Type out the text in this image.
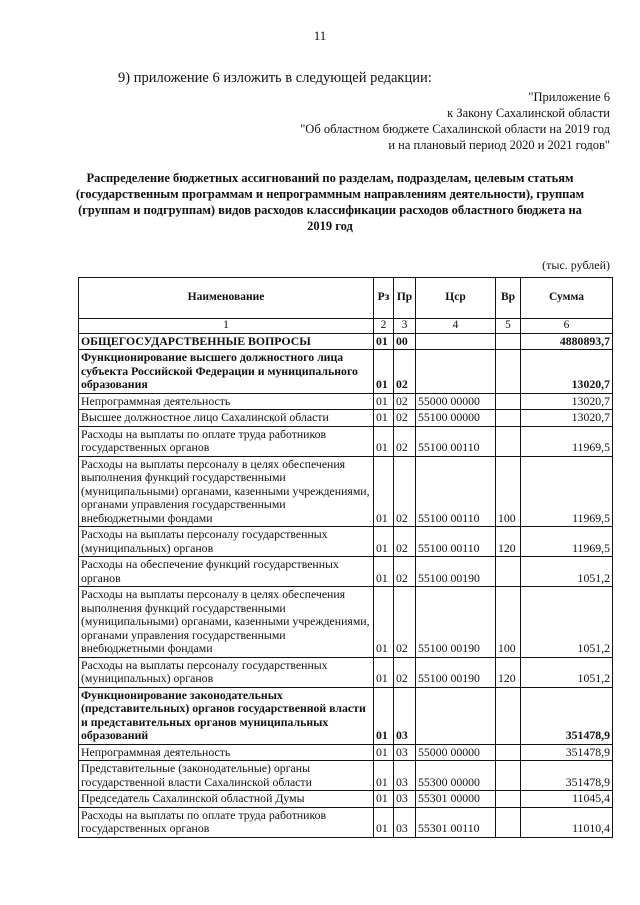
11
9) приложение 6 изложить в следующей редакции:
"Приложение 6
к Закону Сахалинской области
"Об областном бюджете Сахалинской области на 2019 год
и на плановый период 2020 и 2021 годов"
Распределение бюджетных ассигнований по разделам, подразделам, целевым статьям (государственным программам и непрограммным направлениям деятельности), группам (группам и подгруппам) видов расходов классификации расходов областного бюджета на 2019 год
(тыс. рублей)
Наименование	Рз	Пр	Цср	Вр	Сумма
1	2	3	4	5	6
ОБЩЕГОСУДАРСТВЕННЫЕ ВОПРОСЫ	01	00			4880893,7
Функционирование высшего должностного лица субъекта Российской Федерации и муниципального образования	01	02			13020,7
Непрограммная деятельность	01	02	55000 00000		13020,7
Высшее должностное лицо Сахалинской области	01	02	55100 00000		13020,7
Расходы на выплаты по оплате труда работников государственных органов	01	02	55100 00110		11969,5
Расходы на выплаты персоналу в целях обеспечения выполнения функций государственными (муниципальными) органами, казенными учреждениями, органами управления государственными внебюджетными фондами	01	02	55100 00110	100	11969,5
Расходы на выплаты персоналу государственных (муниципальных) органов	01	02	55100 00110	120	11969,5
Расходы на обеспечение функций государственных органов	01	02	55100 00190		1051,2
Расходы на выплаты персоналу в целях обеспечения выполнения функций государственными (муниципальными) органами, казенными учреждениями, органами управления государственными внебюджетными фондами	01	02	55100 00190	100	1051,2
Расходы на выплаты персоналу государственных (муниципальных) органов	01	02	55100 00190	120	1051,2
Функционирование законодательных (представительных) органов государственной власти и представительных органов муниципальных образований	01	03			351478,9
Непрограммная деятельность	01	03	55000 00000		351478,9
Представительные (законодательные) органы государственной власти Сахалинской области	01	03	55300 00000		351478,9
Председатель Сахалинской областной Думы	01	03	55301 00000		11045,4
Расходы на выплаты по оплате труда работников государственных органов	01	03	55301 00110		11010,4
